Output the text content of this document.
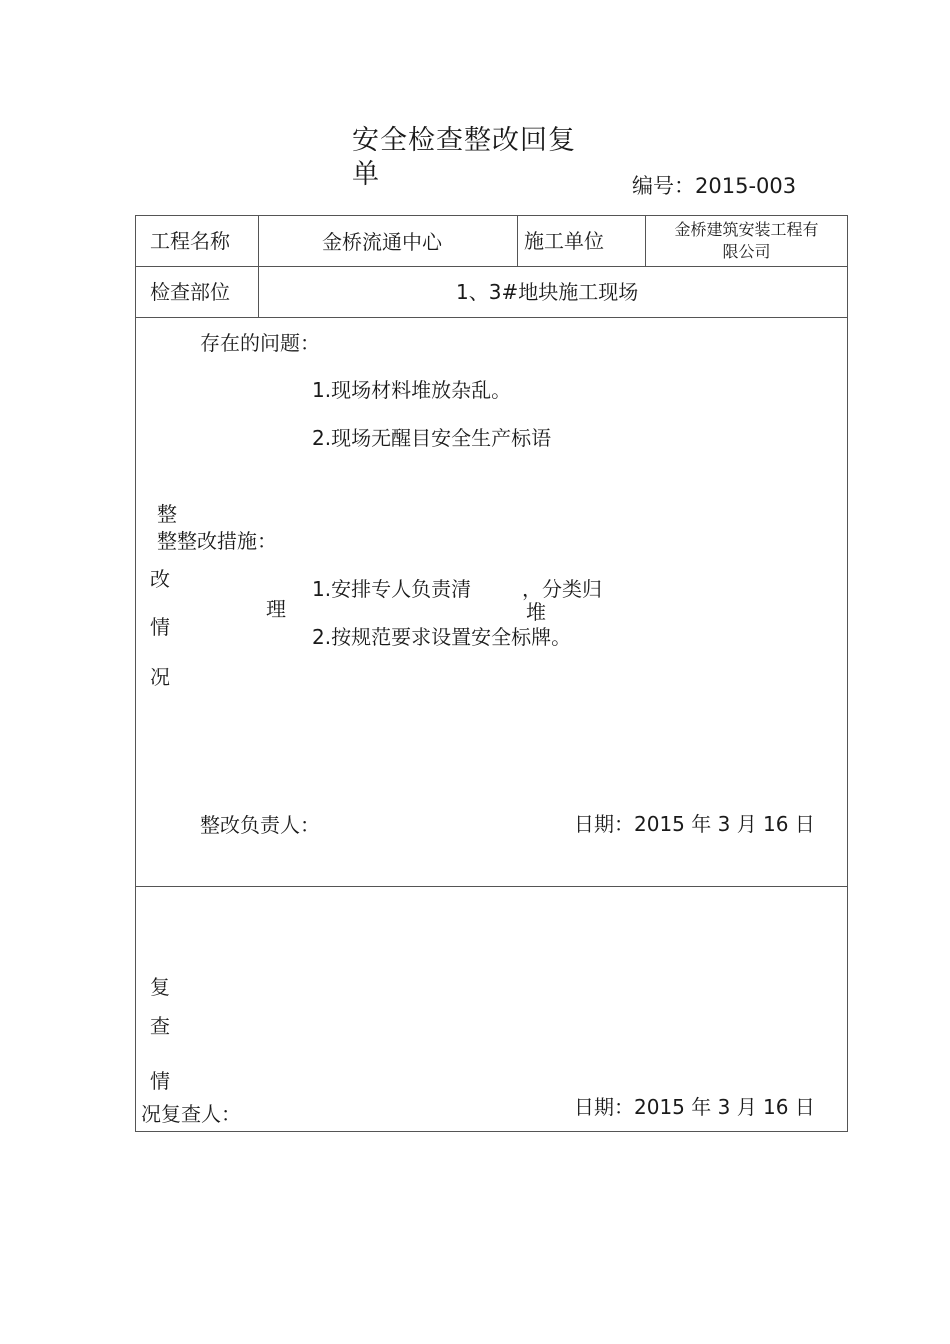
安全检查整改回复
单	编号：2015-003
工程名称	金桥流通中心	施工单位	金桥建筑安装工程有
限公司
检查部位	1、3#地块施工现场
存在的问题：
1.现场材料堆放杂乱。
2.现场无醒目安全生产标语
整
整整改措施：
改
情
况
1.安排专人负责清	，分类归
理	堆
2.按规范要求设置安全标牌。
整改负责人：	日期：2015 年 3 月 16 日
复
查
情
况复查人：	日期：2015 年 3 月 16 日
